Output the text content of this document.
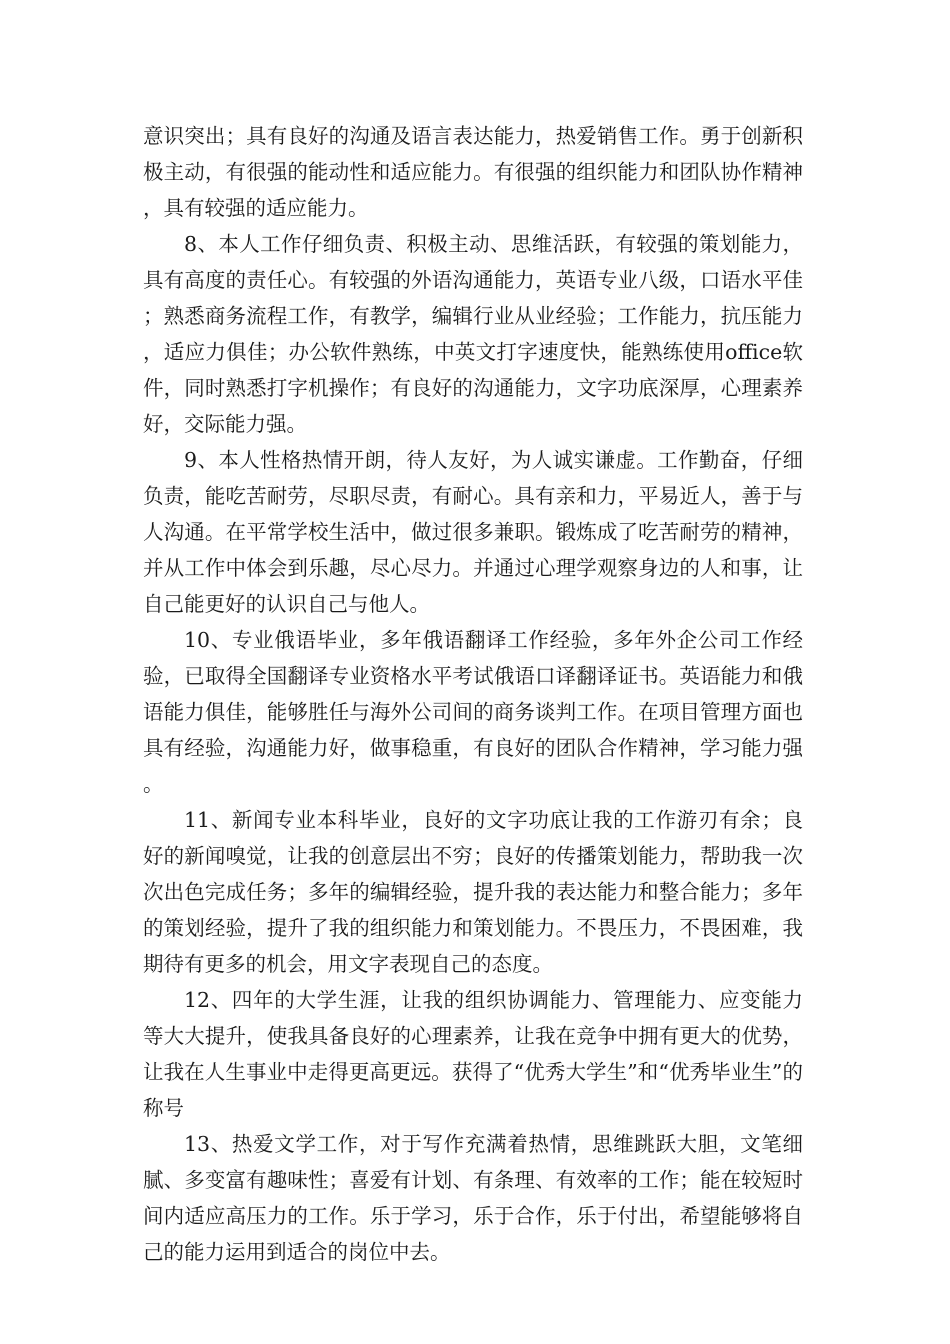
意识突出；具有良好的沟通及语言表达能力，热爱销售工作。勇于创新积极主动，有很强的能动性和适应能力。有很强的组织能力和团队协作精神，具有较强的适应能力。

8、本人工作仔细负责、积极主动、思维活跃，有较强的策划能力，具有高度的责任心。有较强的外语沟通能力，英语专业八级，口语水平佳；熟悉商务流程工作，有教学，编辑行业从业经验；工作能力，抗压能力，适应力俱佳；办公软件熟练，中英文打字速度快，能熟练使用office软件，同时熟悉打字机操作；有良好的沟通能力，文字功底深厚，心理素养好，交际能力强。

9、本人性格热情开朗，待人友好，为人诚实谦虚。工作勤奋，仔细负责，能吃苦耐劳，尽职尽责，有耐心。具有亲和力，平易近人，善于与人沟通。在平常学校生活中，做过很多兼职。锻炼成了吃苦耐劳的精神，并从工作中体会到乐趣，尽心尽力。并通过心理学观察身边的人和事，让自己能更好的认识自己与他人。

10、专业俄语毕业，多年俄语翻译工作经验，多年外企公司工作经验，已取得全国翻译专业资格水平考试俄语口译翻译证书。英语能力和俄语能力俱佳，能够胜任与海外公司间的商务谈判工作。在项目管理方面也具有经验，沟通能力好，做事稳重，有良好的团队合作精神，学习能力强。

11、新闻专业本科毕业，良好的文字功底让我的工作游刃有余；良好的新闻嗅觉，让我的创意层出不穷；良好的传播策划能力，帮助我一次次出色完成任务；多年的编辑经验，提升我的表达能力和整合能力；多年的策划经验，提升了我的组织能力和策划能力。不畏压力，不畏困难，我期待有更多的机会，用文字表现自己的态度。

12、四年的大学生涯，让我的组织协调能力、管理能力、应变能力等大大提升，使我具备良好的心理素养，让我在竞争中拥有更大的优势，让我在人生事业中走得更高更远。获得了“优秀大学生”和“优秀毕业生”的称号

13、热爱文学工作，对于写作充满着热情，思维跳跃大胆，文笔细腻、多变富有趣味性；喜爱有计划、有条理、有效率的工作；能在较短时间内适应高压力的工作。乐于学习，乐于合作，乐于付出，希望能够将自己的能力运用到适合的岗位中去。
